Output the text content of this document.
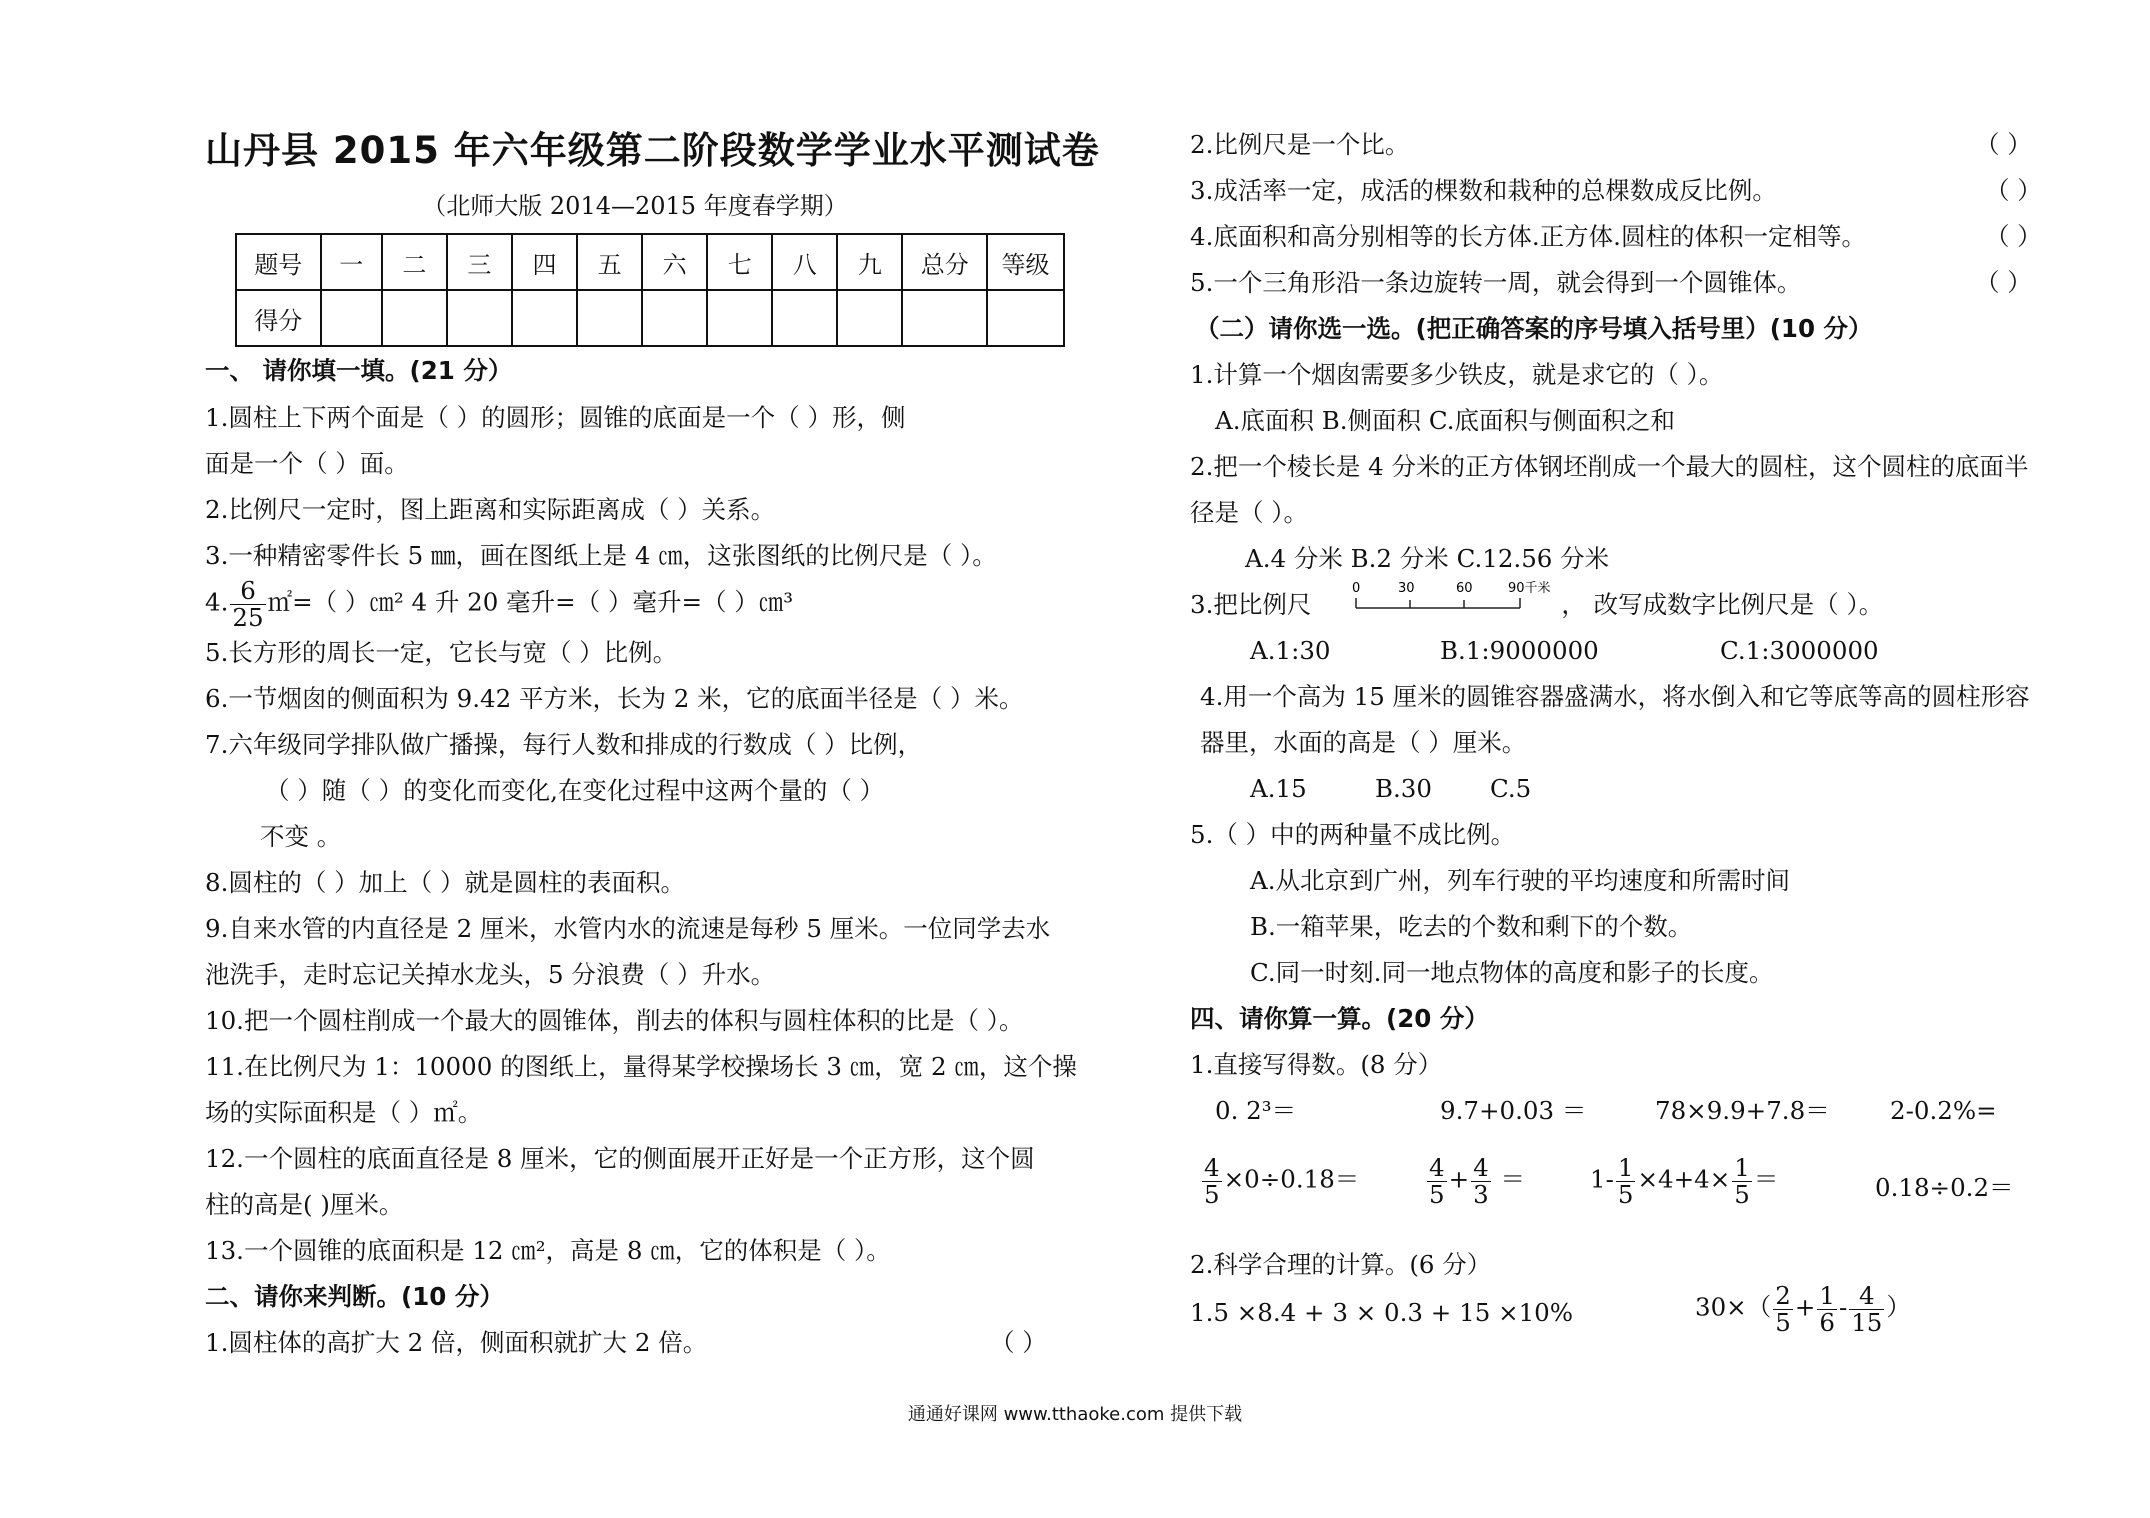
山丹县 2015 年六年级第二阶段数学学业水平测试卷
（北师大版 2014—2015 年度春学期）
题号	一	二	三	四	五	六	七	八	九	总分	等级
得分											
一、 请你填一填。(21 分）
1.圆柱上下两个面是（ ）的圆形；圆锥的底面是一个（ ）形，侧
面是一个（ ）面。
2.比例尺一定时，图上距离和实际距离成（ ）关系。
3.一种精密零件长 5 ㎜，画在图纸上是 4 ㎝，这张图纸的比例尺是（ ）。
4. $\frac{6}{25}$ ㎡=（ ）㎝² 4 升 20 毫升=（ ）毫升=（ ）㎝³
5.长方形的周长一定，它长与宽（ ）比例。
6.一节烟囱的侧面积为 9.42 平方米，长为 2 米，它的底面半径是（ ）米。
7.六年级同学排队做广播操，每行人数和排成的行数成（ ）比例，
（ ）随（ ）的变化而变化,在变化过程中这两个量的（ ）
不变 。
8.圆柱的（ ）加上（ ）就是圆柱的表面积。
9.自来水管的内直径是 2 厘米，水管内水的流速是每秒 5 厘米。一位同学去水
池洗手，走时忘记关掉水龙头，5 分浪费（ ）升水。
10.把一个圆柱削成一个最大的圆锥体，削去的体积与圆柱体积的比是（ ）。
11.在比例尺为 1：10000 的图纸上，量得某学校操场长 3 ㎝，宽 2 ㎝，这个操
场的实际面积是（ ）㎡。
12.一个圆柱的底面直径是 8 厘米，它的侧面展开正好是一个正方形，这个圆
柱的高是( )厘米。
13.一个圆锥的底面积是 12 ㎝²，高是 8 ㎝，它的体积是（ ）。
二、请你来判断。(10 分）
1.圆柱体的高扩大 2 倍，侧面积就扩大 2 倍。	（ ）
2.比例尺是一个比。	（ ）
3.成活率一定，成活的棵数和栽种的总棵数成反比例。	（ ）
4.底面积和高分别相等的长方体.正方体.圆柱的体积一定相等。	（ ）
5.一个三角形沿一条边旋转一周，就会得到一个圆锥体。	（ ）
（二）请你选一选。(把正确答案的序号填入括号里）(10 分）
1.计算一个烟囱需要多少铁皮，就是求它的（ ）。
A.底面积 B.侧面积 C.底面积与侧面积之和
2.把一个棱长是 4 分米的正方体钢坯削成一个最大的圆柱，这个圆柱的底面半
径是（ ）。
A.4 分米 B.2 分米 C.12.56 分米
3.把比例尺	， 改写成数字比例尺是（ ）。
A.1:30	B.1:9000000	C.1:3000000
4.用一个高为 15 厘米的圆锥容器盛满水，将水倒入和它等底等高的圆柱形容
器里，水面的高是（ ）厘米。
A.15	B.30 C.5
5.（ ）中的两种量不成比例。
A.从北京到广州，列车行驶的平均速度和所需时间
B.一箱苹果，吃去的个数和剩下的个数。
C.同一时刻.同一地点物体的高度和影子的长度。
四、请你算一算。(20 分）
1.直接写得数。(8 分）
0. 2³＝	9.7+0.03 ＝	78×9.9+7.8＝ 2-0.2%=
$\frac{4}{5} \times 0\div 0.18=$	$\frac{4}{5} + \frac{4}{3}$ ＝	$1- \frac{1}{5} \times 4+4\times \frac{1}{5}$ ＝	0.18÷0.2＝
2.科学合理的计算。(6 分）
1.5 ×8.4 + 3 × 0.3 + 15 ×10%	$30\times( \frac{2}{5} + \frac{1}{6} - \frac{4}{15}$ ）
0	30	60	90千米
通通好课网 www.tthaoke.com 提供下载
